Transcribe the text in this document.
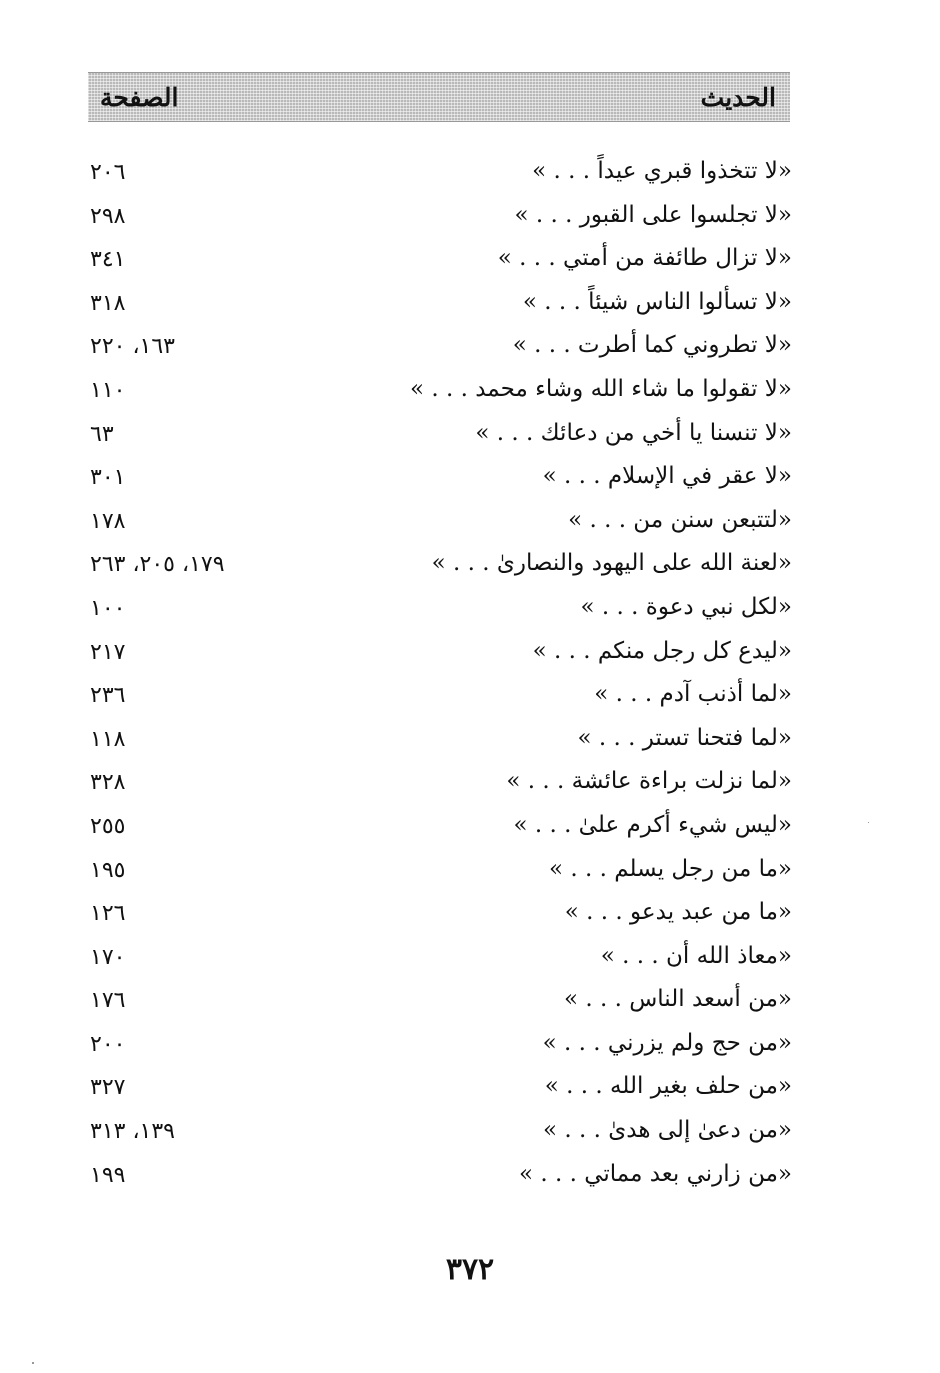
الحديث
الصفحة
«لا تتخذوا قبري عيداً . . . »
٢٠٦
«لا تجلسوا على القبور . . . »
٢٩٨
«لا تزال طائفة من أمتي . . . »
٣٤١
«لا تسألوا الناس شيئاً . . . »
٣١٨
«لا تطروني كما أطرت . . . »
١٦٣، ٢٢٠
«لا تقولوا ما شاء الله وشاء محمد . . . »
١١٠
«لا تنسنا يا أخي من دعائك . . . »
٦٣
«لا عقر في الإسلام . . . »
٣٠١
«لتتبعن سنن من . . . »
١٧٨
«لعنة الله على اليهود والنصارىٰ . . . »
١٧٩، ٢٠٥، ٢٦٣
«لكل نبي دعوة . . . »
١٠٠
«ليدع كل رجل منكم . . . »
٢١٧
«لما أذنب آدم . . . »
٢٣٦
«لما فتحنا تستر . . . »
١١٨
«لما نزلت براءة عائشة . . . »
٣٢٨
«ليس شيء أكرم علىٰ . . . »
٢٥٥
«ما من رجل يسلم . . . »
١٩٥
«ما من عبد يدعو . . . »
١٢٦
«معاذ الله أن . . . »
١٧٠
«من أسعد الناس . . . »
١٧٦
«من حج ولم يزرني . . . »
٢٠٠
«من حلف بغير الله . . . »
٣٢٧
«من دعىٰ إلى هدىٰ . . . »
١٣٩، ٣١٣
«من زارني بعد مماتي . . . »
١٩٩
٣٧٢
